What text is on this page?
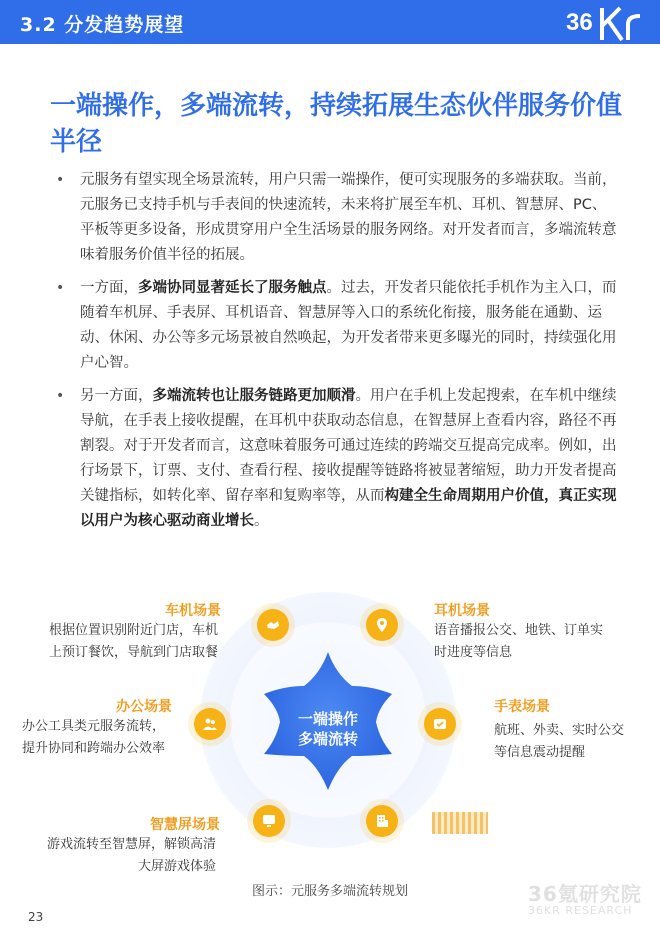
3.2 分发趋势展望	36
一端操作，多端流转，持续拓展生态伙伴服务价值半径
• 元服务有望实现全场景流转，用户只需一端操作，便可实现服务的多端获取。当前，元服务已支持手机与手表间的快速流转，未来将扩展至车机、耳机、智慧屏、PC、平板等更多设备，形成贯穿用户全生活场景的服务网络。对开发者而言，多端流转意味着服务价值半径的拓展。
• 一方面，多端协同显著延长了服务触点。过去，开发者只能依托手机作为主入口，而随着车机屏、手表屏、耳机语音、智慧屏等入口的系统化衔接，服务能在通勤、运动、休闲、办公等多元场景被自然唤起，为开发者带来更多曝光的同时，持续强化用户心智。
• 另一方面，多端流转也让服务链路更加顺滑。用户在手机上发起搜索，在车机中继续导航，在手表上接收提醒，在耳机中获取动态信息，在智慧屏上查看内容，路径不再割裂。对于开发者而言，这意味着服务可通过连续的跨端交互提高完成率。例如，出行场景下，订票、支付、查看行程、接收提醒等链路将被显著缩短，助力开发者提高关键指标，如转化率、留存率和复购率等，从而构建全生命周期用户价值，真正实现以用户为核心驱动商业增长。
一端操作
多端流转
车机场景
根据位置识别附近门店，车机
上预订餐饮，导航到门店取餐
耳机场景
语音播报公交、地铁、订单实
时进度等信息
办公场景
办公工具类元服务流转，
提升协同和跨端办公效率
手表场景
航班、外卖、实时公交
等信息震动提醒
智慧屏场景
游戏流转至智慧屏，解锁高清
大屏游戏体验
图示：元服务多端流转规划	36氪研究院
36KR RESEARCH
23
